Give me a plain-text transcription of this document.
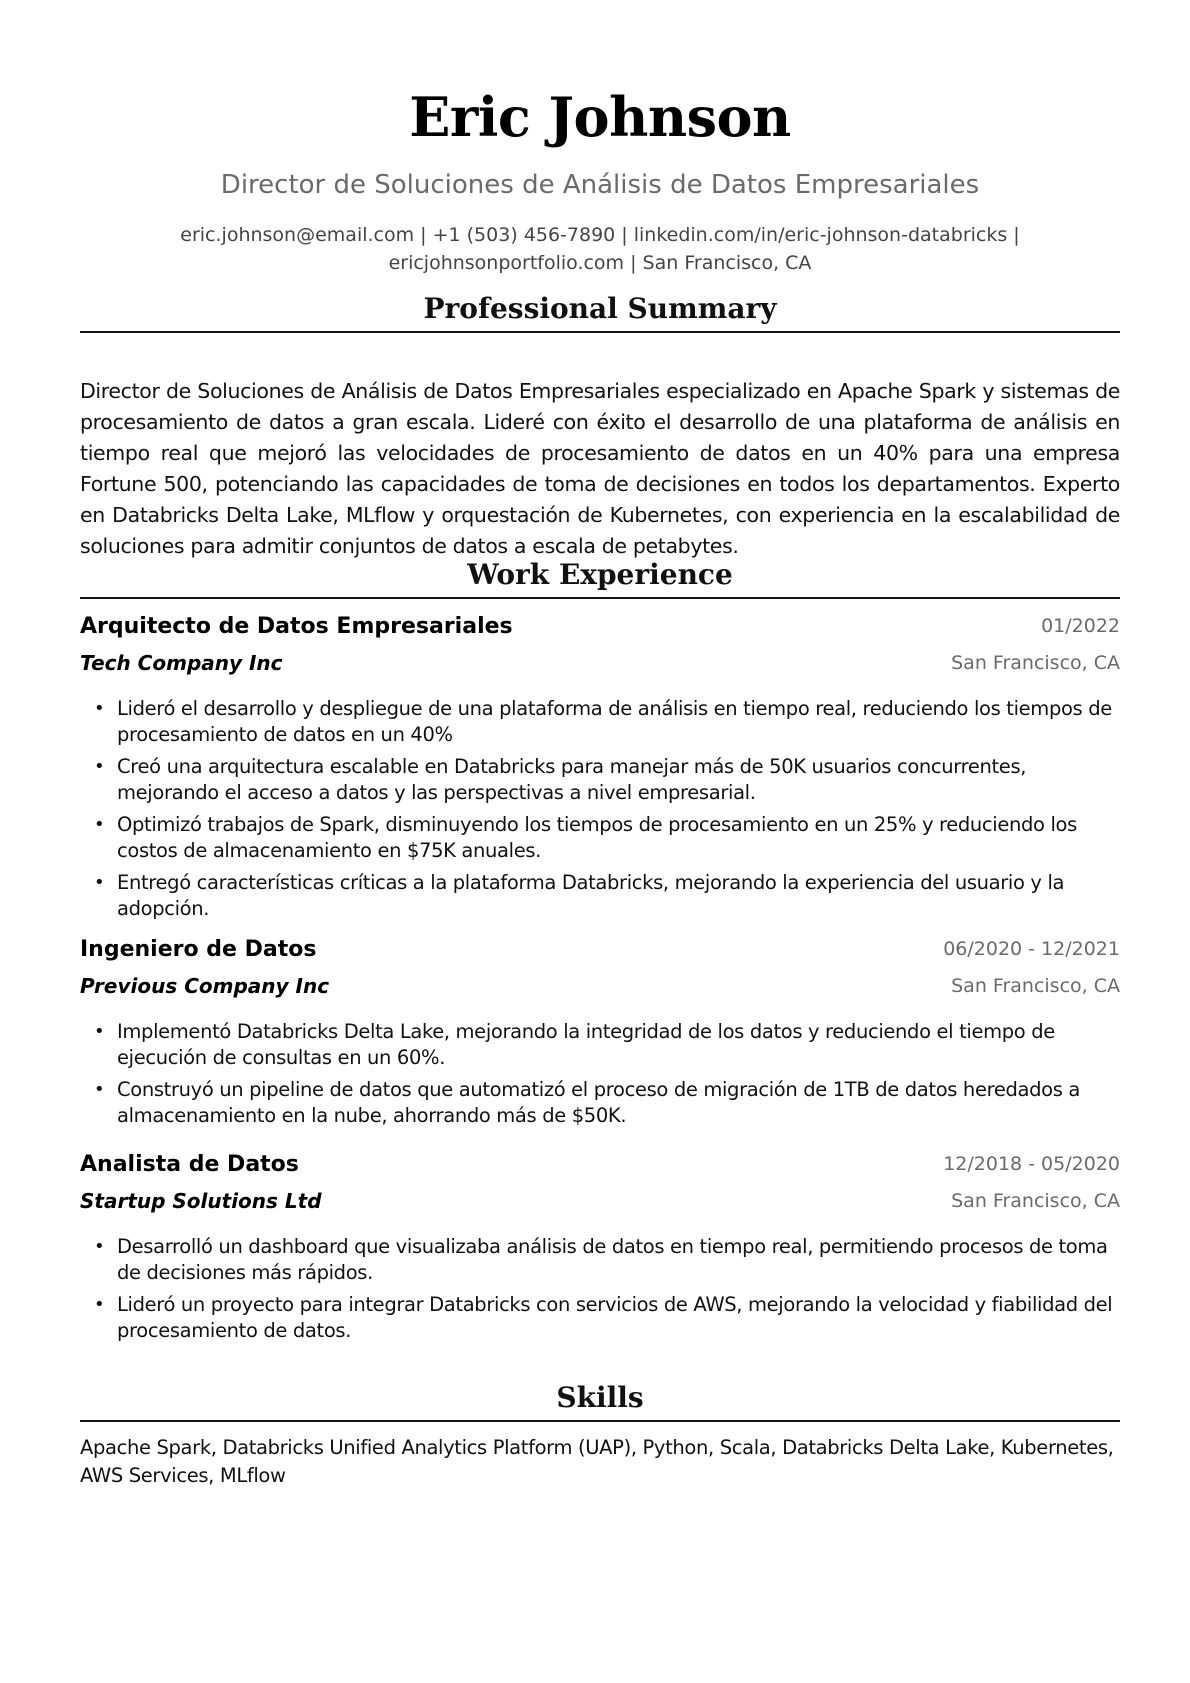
Eric Johnson
Director de Soluciones de Análisis de Datos Empresariales
eric.johnson@email.com | +1 (503) 456-7890 | linkedin.com/in/eric-johnson-databricks |
ericjohnsonportfolio.com | San Francisco, CA
Professional Summary
Director de Soluciones de Análisis de Datos Empresariales especializado en Apache Spark y sistemas de procesamiento de datos a gran escala. Lideré con éxito el desarrollo de una plataforma de análisis en tiempo real que mejoró las velocidades de procesamiento de datos en un 40% para una empresa Fortune 500, potenciando las capacidades de toma de decisiones en todos los departamentos. Experto en Databricks Delta Lake, MLflow y orquestación de Kubernetes, con experiencia en la escalabilidad de soluciones para admitir conjuntos de datos a escala de petabytes.
Work Experience
Arquitecto de Datos Empresariales	01/2022
Tech Company Inc	San Francisco, CA
• Lideró el desarrollo y despliegue de una plataforma de análisis en tiempo real, reduciendo los tiempos de procesamiento de datos en un 40%
• Creó una arquitectura escalable en Databricks para manejar más de 50K usuarios concurrentes, mejorando el acceso a datos y las perspectivas a nivel empresarial.
• Optimizó trabajos de Spark, disminuyendo los tiempos de procesamiento en un 25% y reduciendo los costos de almacenamiento en $75K anuales.
• Entregó características críticas a la plataforma Databricks, mejorando la experiencia del usuario y la adopción.
Ingeniero de Datos	06/2020 - 12/2021
Previous Company Inc	San Francisco, CA
• Implementó Databricks Delta Lake, mejorando la integridad de los datos y reduciendo el tiempo de ejecución de consultas en un 60%.
• Construyó un pipeline de datos que automatizó el proceso de migración de 1TB de datos heredados a almacenamiento en la nube, ahorrando más de $50K.
Analista de Datos	12/2018 - 05/2020
Startup Solutions Ltd	San Francisco, CA
• Desarrolló un dashboard que visualizaba análisis de datos en tiempo real, permitiendo procesos de toma de decisiones más rápidos.
• Lideró un proyecto para integrar Databricks con servicios de AWS, mejorando la velocidad y fiabilidad del procesamiento de datos.
Skills
Apache Spark, Databricks Unified Analytics Platform (UAP), Python, Scala, Databricks Delta Lake, Kubernetes, AWS Services, MLflow
